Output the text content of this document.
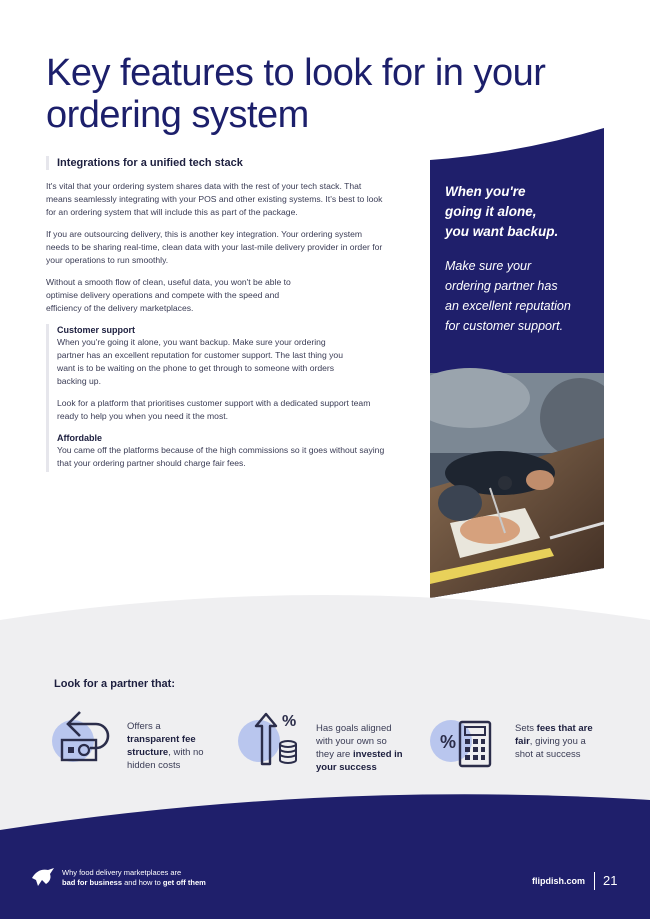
Key features to look for in your ordering system
Integrations for a unified tech stack
It's vital that your ordering system shares data with the rest of your tech stack. That means seamlessly integrating with your POS and other existing systems. It's best to look for an ordering system that will include this as part of the package.
If you are outsourcing delivery, this is another key integration. Your ordering system needs to be sharing real-time, clean data with your last-mile delivery provider in order for your operations to run smoothly.
Without a smooth flow of clean, useful data, you won't be able to optimise delivery operations and compete with the speed and efficiency of the delivery marketplaces.
Customer support
When you're going it alone, you want backup. Make sure your ordering partner has an excellent reputation for customer support. The last thing you want is to be waiting on the phone to get through to someone with orders backing up.
Look for a platform that prioritises customer support with a dedicated support team ready to help you when you need it the most.
Affordable
You came off the platforms because of the high commissions so it goes without saying that your ordering partner should charge fair fees.
When you're
going it alone,
you want backup.
Make sure your
ordering partner has
an excellent reputation
for customer support.
Look for a partner that:
Offers a
transparent fee
structure, with no
hidden costs
% Has goals aligned
with your own so
they are invested in
your success
%
Sets fees that are
fair, giving you a
shot at success
Why food delivery marketplaces are
bad for business and how to get off them	flipdish.com 21
